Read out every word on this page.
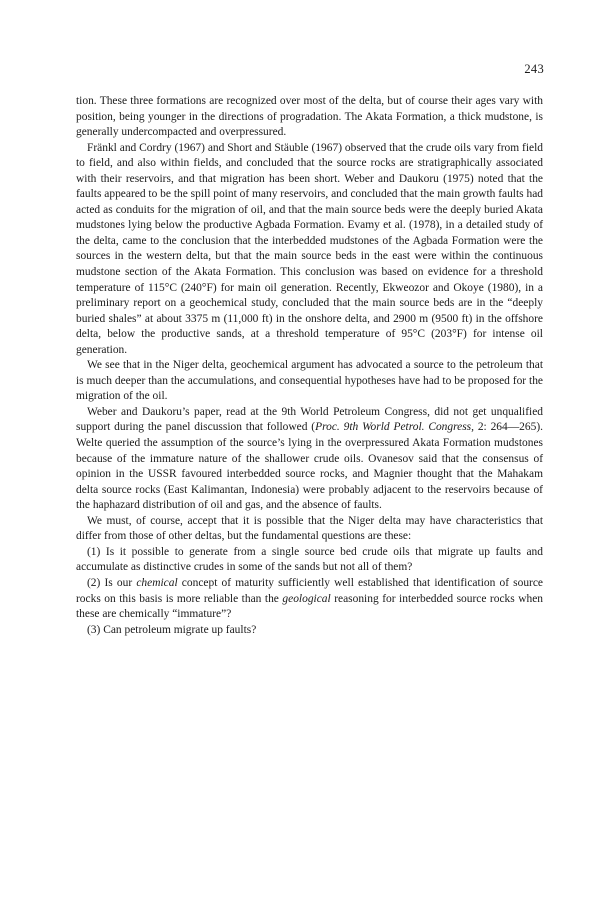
243

tion. These three formations are recognized over most of the delta, but of course their ages vary with position, being younger in the directions of progradation. The Akata Formation, a thick mudstone, is generally undercompacted and overpressured.

Fränkl and Cordry (1967) and Short and Stäuble (1967) observed that the crude oils vary from field to field, and also within fields, and concluded that the source rocks are stratigraphically associated with their reservoirs, and that migration has been short. Weber and Daukoru (1975) noted that the faults appeared to be the spill point of many reservoirs, and concluded that the main growth faults had acted as conduits for the migration of oil, and that the main source beds were the deeply buried Akata mudstones lying below the productive Agbada Formation. Evamy et al. (1978), in a detailed study of the delta, came to the conclusion that the interbedded mudstones of the Agbada Formation were the sources in the western delta, but that the main source beds in the east were within the continuous mudstone section of the Akata Formation. This conclusion was based on evidence for a threshold temperature of 115°C (240°F) for main oil generation. Recently, Ekweozor and Okoye (1980), in a preliminary report on a geochemical study, concluded that the main source beds are in the “deeply buried shales” at about 3375 m (11,000 ft) in the onshore delta, and 2900 m (9500 ft) in the offshore delta, below the productive sands, at a threshold temperature of 95°C (203°F) for intense oil generation.

We see that in the Niger delta, geochemical argument has advocated a source to the petroleum that is much deeper than the accumulations, and consequential hypotheses have had to be proposed for the migration of the oil.

Weber and Daukoru’s paper, read at the 9th World Petroleum Congress, did not get unqualified support during the panel discussion that followed (Proc. 9th World Petrol. Congress, 2: 264—265). Welte queried the assumption of the source’s lying in the overpressured Akata Formation mudstones because of the immature nature of the shallower crude oils. Ovanesov said that the consensus of opinion in the USSR favoured interbedded source rocks, and Magnier thought that the Mahakam delta source rocks (East Kalimantan, Indonesia) were probably adjacent to the reservoirs because of the haphazard distribution of oil and gas, and the absence of faults.

We must, of course, accept that it is possible that the Niger delta may have characteristics that differ from those of other deltas, but the fundamental questions are these:

(1) Is it possible to generate from a single source bed crude oils that migrate up faults and accumulate as distinctive crudes in some of the sands but not all of them?

(2) Is our chemical concept of maturity sufficiently well established that identification of source rocks on this basis is more reliable than the geological reasoning for interbedded source rocks when these are chemically “immature”?

(3) Can petroleum migrate up faults?
